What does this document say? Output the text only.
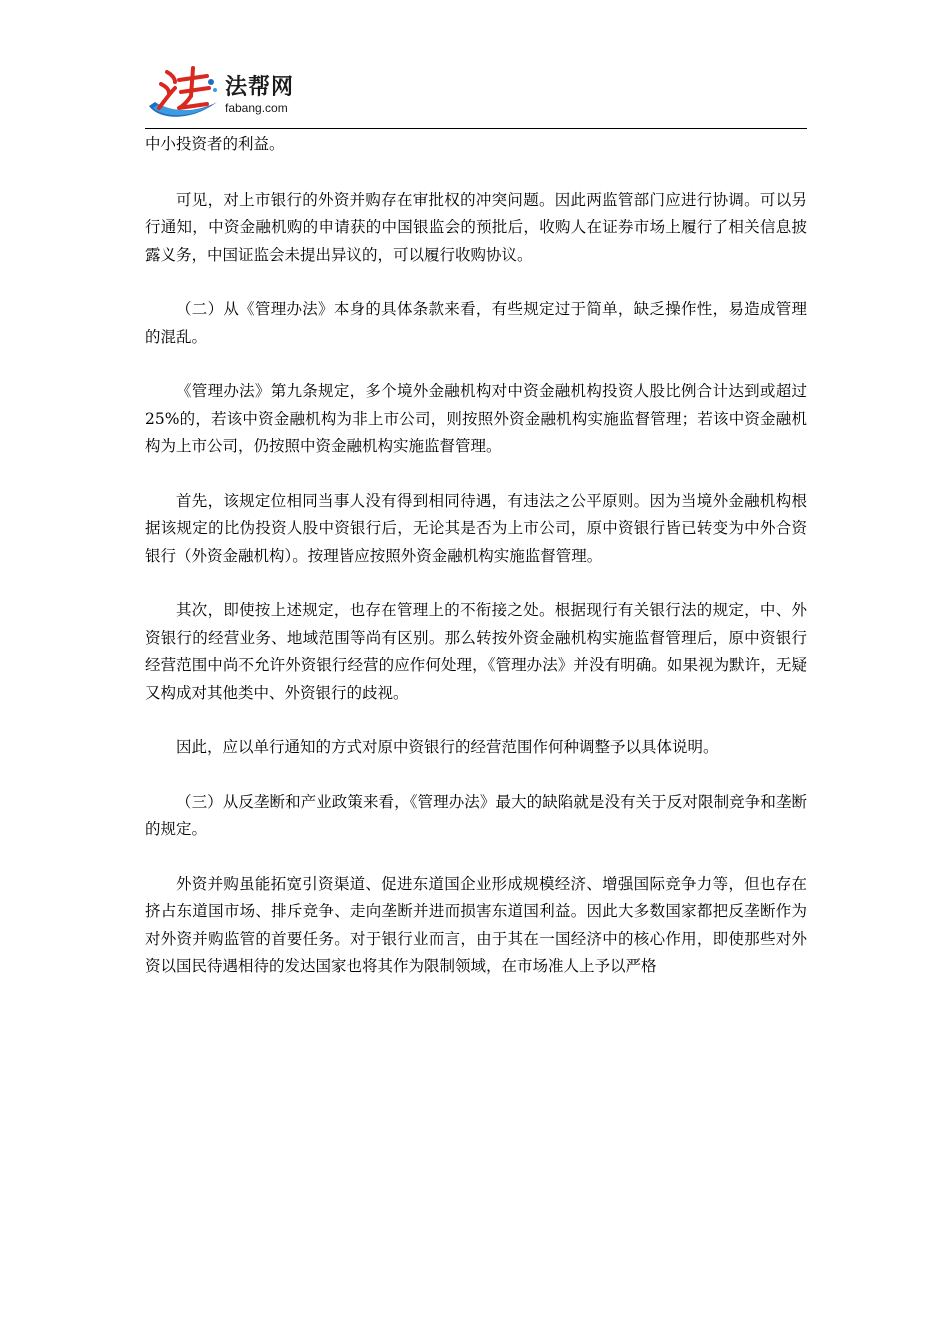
法帮网
fabang.com

中小投资者的利益。

可见，对上市银行的外资并购存在审批权的冲突问题。因此两监管部门应进行协调。可以另行通知，中资金融机购的申请获的中国银监会的预批后，收购人在证券市场上履行了相关信息披露义务，中国证监会未提出异议的，可以履行收购协议。

（二）从《管理办法》本身的具体条款来看，有些规定过于简单，缺乏操作性，易造成管理的混乱。

《管理办法》第九条规定，多个境外金融机构对中资金融机构投资人股比例合计达到或超过 25%的，若该中资金融机构为非上市公司，则按照外资金融机构实施监督管理；若该中资金融机构为上市公司，仍按照中资金融机构实施监督管理。

首先，该规定位相同当事人没有得到相同待遇，有违法之公平原则。因为当境外金融机构根据该规定的比伪投资人股中资银行后，无论其是否为上市公司，原中资银行皆已转变为中外合资银行（外资金融机构）。按理皆应按照外资金融机构实施监督管理。

其次，即使按上述规定，也存在管理上的不衔接之处。根据现行有关银行法的规定，中、外资银行的经营业务、地域范围等尚有区别。那么转按外资金融机构实施监督管理后，原中资银行经营范围中尚不允许外资银行经营的应作何处理，《管理办法》并没有明确。如果视为默许，无疑又构成对其他类中、外资银行的歧视。

因此，应以单行通知的方式对原中资银行的经营范围作何种调整予以具体说明。

（三）从反垄断和产业政策来看，《管理办法》最大的缺陷就是没有关于反对限制竞争和垄断的规定。

外资并购虽能拓宽引资渠道、促进东道国企业形成规模经济、增强国际竞争力等，但也存在挤占东道国市场、排斥竞争、走向垄断并进而损害东道国利益。因此大多数国家都把反垄断作为对外资并购监管的首要任务。对于银行业而言，由于其在一国经济中的核心作用，即使那些对外资以国民待遇相待的发达国家也将其作为限制领域，在市场准人上予以严格
